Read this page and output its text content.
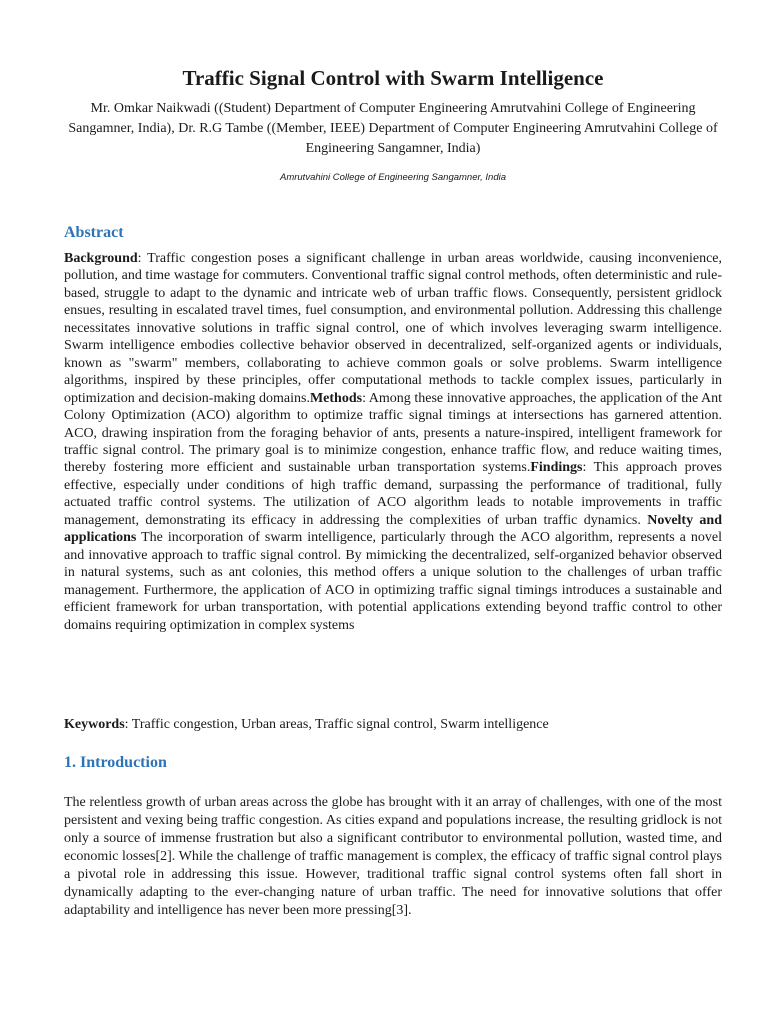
Traffic Signal Control with Swarm Intelligence

Mr. Omkar Naikwadi ((Student) Department of Computer Engineering Amrutvahini College of Engineering Sangamner, India), Dr. R.G Tambe ((Member, IEEE) Department of Computer Engineering Amrutvahini College of Engineering Sangamner, India)

Amrutvahini College of Engineering Sangamner, India

Abstract

Background: Traffic congestion poses a significant challenge in urban areas worldwide, causing inconvenience, pollution, and time wastage for commuters. Conventional traffic signal control methods, often deterministic and rule-based, struggle to adapt to the dynamic and intricate web of urban traffic flows. Consequently, persistent gridlock ensues, resulting in escalated travel times, fuel consumption, and environmental pollution. Addressing this challenge necessitates innovative solutions in traffic signal control, one of which involves leveraging swarm intelligence. Swarm intelligence embodies collective behavior observed in decentralized, self-organized agents or individuals, known as "swarm" members, collaborating to achieve common goals or solve problems. Swarm intelligence algorithms, inspired by these principles, offer computational methods to tackle complex issues, particularly in optimization and decision-making domains.Methods: Among these innovative approaches, the application of the Ant Colony Optimization (ACO) algorithm to optimize traffic signal timings at intersections has garnered attention. ACO, drawing inspiration from the foraging behavior of ants, presents a nature-inspired, intelligent framework for traffic signal control. The primary goal is to minimize congestion, enhance traffic flow, and reduce waiting times, thereby fostering more efficient and sustainable urban transportation systems.Findings: This approach proves effective, especially under conditions of high traffic demand, surpassing the performance of traditional, fully actuated traffic control systems. The utilization of ACO algorithm leads to notable improvements in traffic management, demonstrating its efficacy in addressing the complexities of urban traffic dynamics. Novelty and applications The incorporation of swarm intelligence, particularly through the ACO algorithm, represents a novel and innovative approach to traffic signal control. By mimicking the decentralized, self-organized behavior observed in natural systems, such as ant colonies, this method offers a unique solution to the challenges of urban traffic management. Furthermore, the application of ACO in optimizing traffic signal timings introduces a sustainable and efficient framework for urban transportation, with potential applications extending beyond traffic control to other domains requiring optimization in complex systems

Keywords: Traffic congestion, Urban areas, Traffic signal control, Swarm intelligence

1. Introduction

The relentless growth of urban areas across the globe has brought with it an array of challenges, with one of the most persistent and vexing being traffic congestion. As cities expand and populations increase, the resulting gridlock is not only a source of immense frustration but also a significant contributor to environmental pollution, wasted time, and economic losses[2]. While the challenge of traffic management is complex, the efficacy of traffic signal control plays a pivotal role in addressing this issue. However, traditional traffic signal control systems often fall short in dynamically adapting to the ever-changing nature of urban traffic. The need for innovative solutions that offer adaptability and intelligence has never been more pressing[3].
